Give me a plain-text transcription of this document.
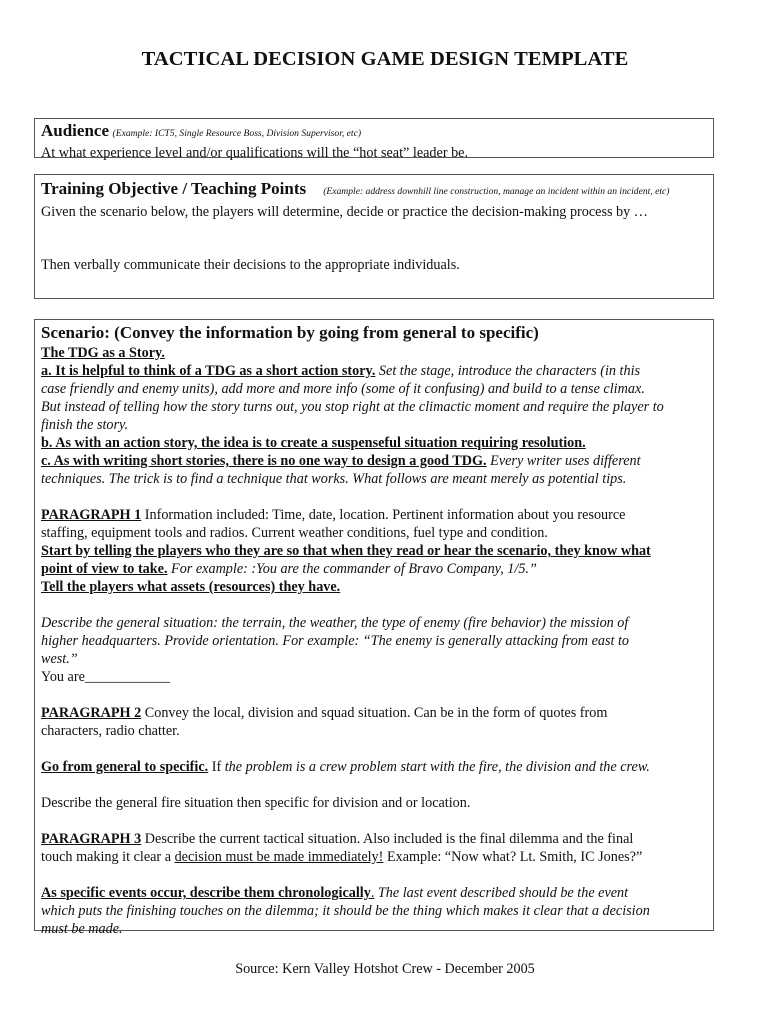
TACTICAL DECISION GAME DESIGN TEMPLATE
Audience (Example: ICT5, Single Resource Boss, Division Supervisor, etc)
At what experience level and/or qualifications will the “hot seat” leader be.
Training Objective / Teaching Points (Example: address downhill line construction, manage an incident within an incident, etc)
Given the scenario below, the players will determine, decide or practice the decision-making process by …
Then verbally communicate their decisions to the appropriate individuals.
Scenario: (Convey the information by going from general to specific)
The TDG as a Story.
a. It is helpful to think of a TDG as a short action story. Set the stage, introduce the characters (in this
case friendly and enemy units), add more and more info (some of it confusing) and build to a tense climax.
But instead of telling how the story turns out, you stop right at the climactic moment and require the player to
finish the story.
b. As with an action story, the idea is to create a suspenseful situation requiring resolution.
c. As with writing short stories, there is no one way to design a good TDG. Every writer uses different
techniques. The trick is to find a technique that works. What follows are meant merely as potential tips.
PARAGRAPH 1 Information included: Time, date, location. Pertinent information about you resource
staffing, equipment tools and radios. Current weather conditions, fuel type and condition.
Start by telling the players who they are so that when they read or hear the scenario, they know what
point of view to take. For example: :You are the commander of Bravo Company, 1/5.”
Tell the players what assets (resources) they have.
Describe the general situation: the terrain, the weather, the type of enemy (fire behavior) the mission of
higher headquarters. Provide orientation. For example: “The enemy is generally attacking from east to
west.”
You are____________
PARAGRAPH 2 Convey the local, division and squad situation. Can be in the form of quotes from
characters, radio chatter.
Go from general to specific. If the problem is a crew problem start with the fire, the division and the crew.
Describe the general fire situation then specific for division and or location.
PARAGRAPH 3 Describe the current tactical situation. Also included is the final dilemma and the final
touch making it clear a decision must be made immediately! Example: “Now what? Lt. Smith, IC Jones?”
As specific events occur, describe them chronologically. The last event described should be the event
which puts the finishing touches on the dilemma; it should be the thing which makes it clear that a decision
must be made.
Source: Kern Valley Hotshot Crew - December 2005
